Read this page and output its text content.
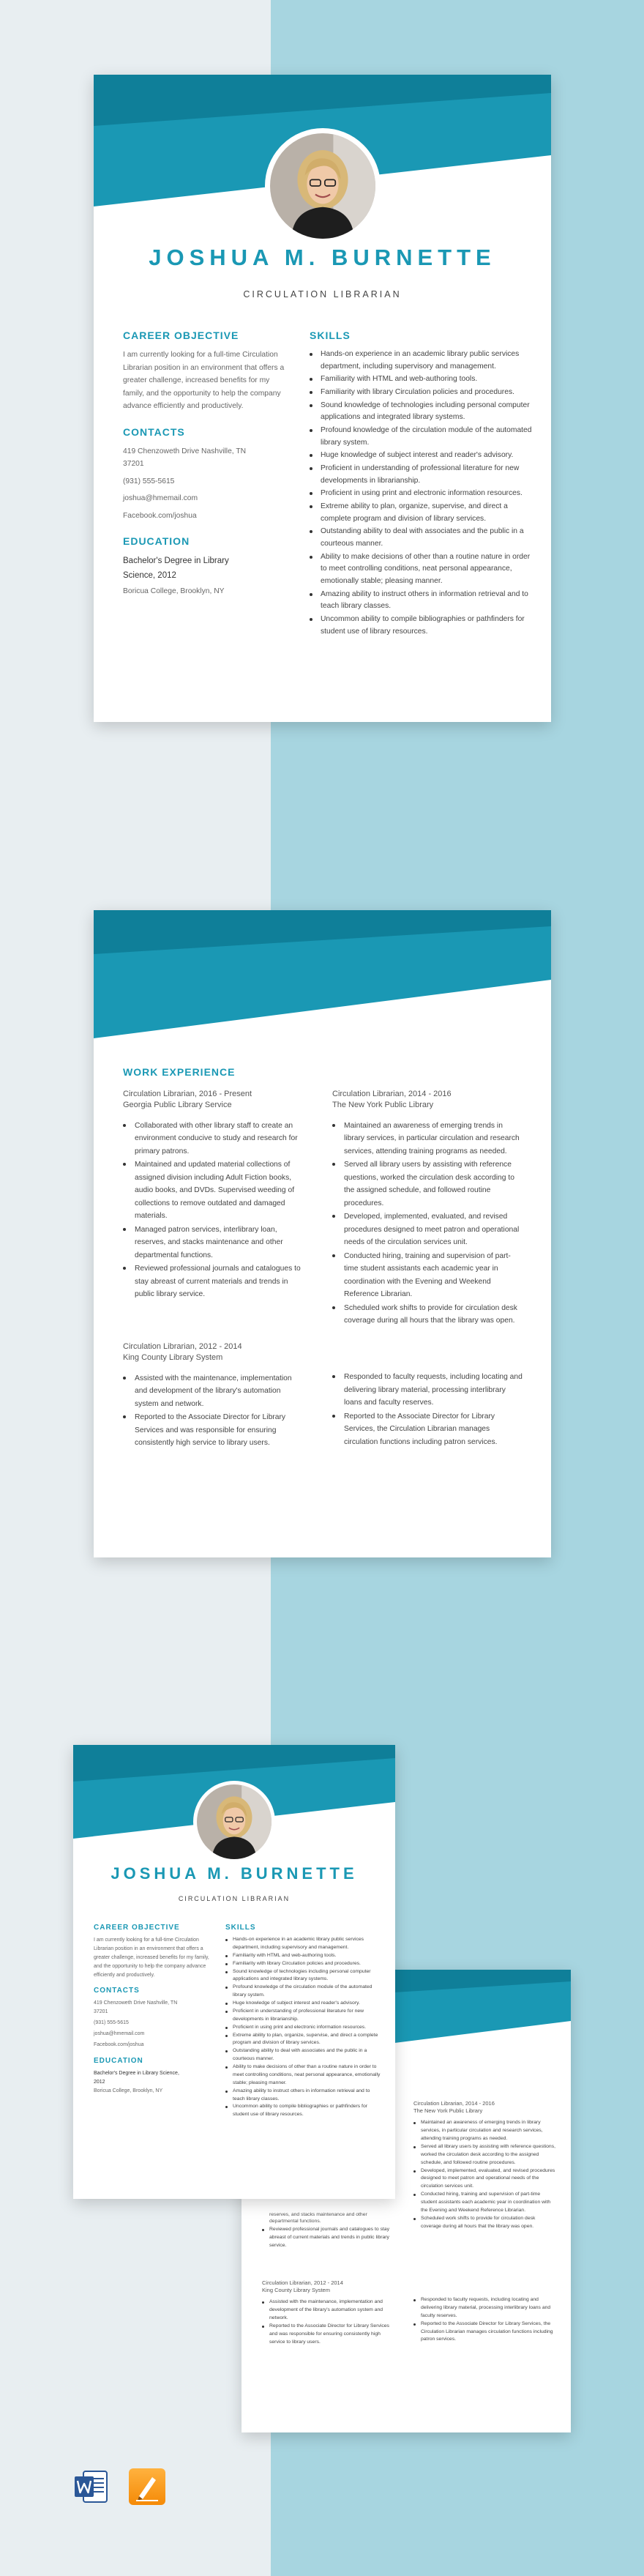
JOSHUA M. BURNETTE
CIRCULATION LIBRARIAN
CAREER OBJECTIVE
I am currently looking for a full-time Circulation Librarian position in an environment that offers a greater challenge, increased benefits for my family, and the opportunity to help the company advance efficiently and productively.
CONTACTS
419 Chenzoweth Drive Nashville, TN 37201
(931) 555-5615
joshua@hmemail.com
Facebook.com/joshua
EDUCATION
Bachelor's Degree in Library Science, 2012
Boricua College, Brooklyn, NY
SKILLS
Hands-on experience in an academic library public services department, including supervisory and management.
Familiarity with HTML and web-authoring tools.
Familiarity with library Circulation policies and procedures.
Sound knowledge of technologies including personal computer applications and integrated library systems.
Profound knowledge of the circulation module of the automated library system.
Huge knowledge of subject interest and reader's advisory.
Proficient in understanding of professional literature for new developments in librarianship.
Proficient in using print and electronic information resources.
Extreme ability to plan, organize, supervise, and direct a complete program and division of library services.
Outstanding ability to deal with associates and the public in a courteous manner.
Ability to make decisions of other than a routine nature in order to meet controlling conditions, neat personal appearance, emotionally stable; pleasing manner.
Amazing ability to instruct others in information retrieval and to teach library classes.
Uncommon ability to compile bibliographies or pathfinders for student use of library resources.
WORK EXPERIENCE
Circulation Librarian, 2016 - Present
Georgia Public Library Service
Collaborated with other library staff to create an environment conducive to study and research for primary patrons.
Maintained and updated material collections of assigned division including Adult Fiction books, audio books, and DVDs. Supervised weeding of collections to remove outdated and damaged materials.
Managed patron services, interlibrary loan, reserves, and stacks maintenance and other departmental functions.
Reviewed professional journals and catalogues to stay abreast of current materials and trends in public library service.
Circulation Librarian, 2014 - 2016
The New York Public Library
Maintained an awareness of emerging trends in library services, in particular circulation and research services, attending training programs as needed.
Served all library users by assisting with reference questions, worked the circulation desk according to the assigned schedule, and followed routine procedures.
Developed, implemented, evaluated, and revised procedures designed to meet patron and operational needs of the circulation services unit.
Conducted hiring, training and supervision of part-time student assistants each academic year in coordination with the Evening and Weekend Reference Librarian.
Scheduled work shifts to provide for circulation desk coverage during all hours that the library was open.
Circulation Librarian, 2012 - 2014
King County Library System
Assisted with the maintenance, implementation and development of the library's automation system and network.
Reported to the Associate Director for Library Services and was responsible for ensuring consistently high service to library users.
Responded to faculty requests, including locating and delivering library material, processing interlibrary loans and faculty reserves.
Reported to the Associate Director for Library Services, the Circulation Librarian manages circulation functions including patron services.
Circulation Librarian, 2014 - 2016
The New York Public Library
Maintained an awareness of emerging trends in library services, in particular circulation and research services, attending training programs as needed.
Served all library users by assisting with reference questions, worked the circulation desk according to the assigned schedule, and followed routine procedures.
Developed, implemented, evaluated, and revised procedures designed to meet patron and operational needs of the circulation services unit.
Conducted hiring, training and supervision of part-time student assistants each academic year in coordination with the Evening and Weekend Reference Librarian.
Scheduled work shifts to provide for circulation desk coverage during all hours that the library was open.
reserves, and stacks maintenance and other departmental functions.
Reviewed professional journals and catalogues to stay abreast of current materials and trends in public library service.
Circulation Librarian, 2012 - 2014
King County Library System
Assisted with the maintenance, implementation and development of the library's automation system and network.
Reported to the Associate Director for Library Services and was responsible for ensuring consistently high service to library users.
Responded to faculty requests, including locating and delivering library material, processing interlibrary loans and faculty reserves.
Reported to the Associate Director for Library Services, the Circulation Librarian manages circulation functions including patron services.
JOSHUA M. BURNETTE
CIRCULATION LIBRARIAN
CAREER OBJECTIVE
I am currently looking for a full-time Circulation Librarian position in an environment that offers a greater challenge, increased benefits for my family, and the opportunity to help the company advance efficiently and productively.
CONTACTS
419 Chenzoweth Drive Nashville, TN 37201
(931) 555-5615
joshua@hmemail.com
Facebook.com/joshua
EDUCATION
Bachelor's Degree in Library Science, 2012
Boricua College, Brooklyn, NY
SKILLS
Hands-on experience in an academic library public services department, including supervisory and management.
Familiarity with HTML and web-authoring tools.
Familiarity with library Circulation policies and procedures.
Sound knowledge of technologies including personal computer applications and integrated library systems.
Profound knowledge of the circulation module of the automated library system.
Huge knowledge of subject interest and reader's advisory.
Proficient in understanding of professional literature for new developments in librarianship.
Proficient in using print and electronic information resources.
Extreme ability to plan, organize, supervise, and direct a complete program and division of library services.
Outstanding ability to deal with associates and the public in a courteous manner.
Ability to make decisions of other than a routine nature in order to meet controlling conditions, neat personal appearance, emotionally stable; pleasing manner.
Amazing ability to instruct others in information retrieval and to teach library classes.
Uncommon ability to compile bibliographies or pathfinders for student use of library resources.
